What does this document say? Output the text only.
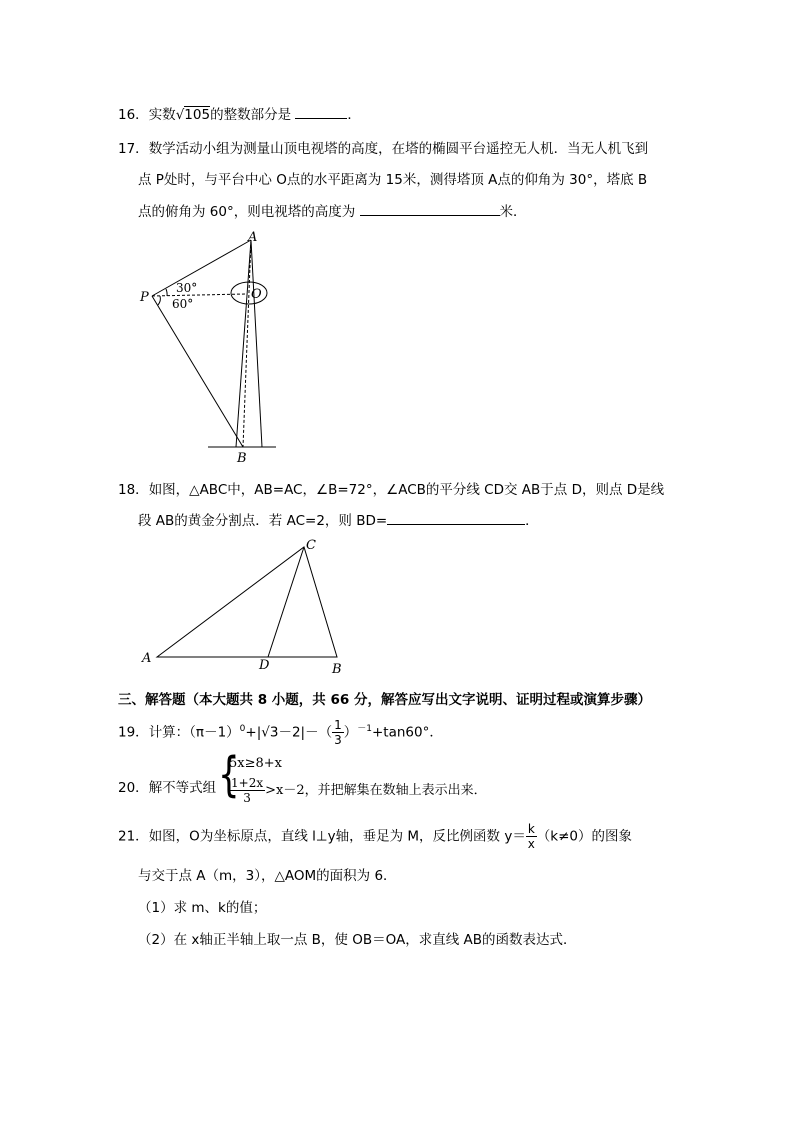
16．实数√105的整数部分是	．
17．数学活动小组为测量山顶电视塔的高度，在塔的椭圆平台遥控无人机．当无人机飞到
点 P处时，与平台中心 O点的水平距离为 15米，测得塔顶 A点的仰角为 30°，塔底 B
点的俯角为 60°，则电视塔的高度为	米．
A
O
P
B
30°
60°
A
B
C
D
18．如图，△ABC中，AB=AC，∠B=72°，∠ACB的平分线 CD交 AB于点 D，则点 D是线
段 AB的黄金分割点．若 AC=2，则 BD=	．
三、解答题（本大题共 8 小题，共 66 分，解答应写出文字说明、证明过程或演算步骤）
19．计算：$(\pi-1)^0+|√3-2|-( \frac{1}{3} )^{-1}+\tan 60^\circ$．
20．解不等式组 {
5x≥8+x
$\frac{1+2x}{3} >x-2$，并把解集在数轴上表示出来．
21．如图，O为坐标原点，直线 l⊥y轴，垂足为 M，反比例函数 $y= \frac{k}{x} (k\ne 0)$的图象
与交于点 A（m，3），△AOM的面积为 6．
（1）求 m、k的值；
（2）在 x轴正半轴上取一点 B，使 OB＝OA，求直线 AB的函数表达式．
